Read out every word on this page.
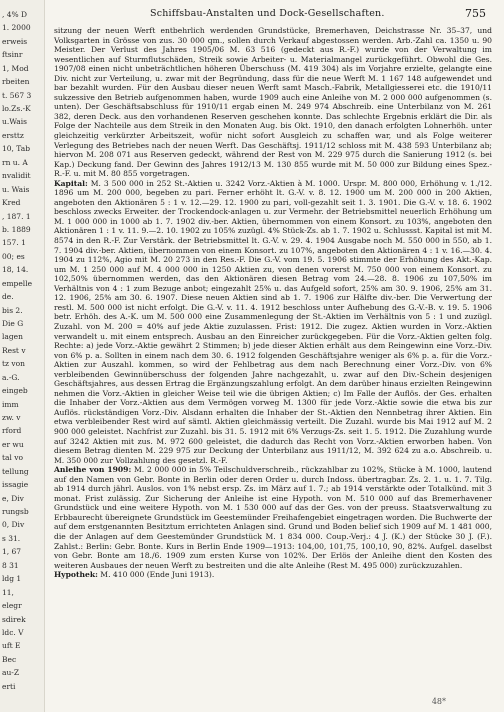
, 4% D
1. 2000
erweis
ftsinr
1, Mod
rbeiten
t. 567 3
lo.Zs.-K
u.Wais
ersttz
10, Tab
rn u. A
nvalidit
u. Wais
Kred
, 187. 1
b. 1889
157. 1
00; es
18, 14.
empelle
de.
bis 2.
Die G
lagen
Rest v
tz von
a.-G.
eingeb
imm
zw. v
rford
er wu
tal vo
tellung
issagie
e, Div
rungsb
0, Div
s 31.
1, 67
8 31
ldg 1
11,
elegr
sdirek
ldc. V
uft E
Bec
au-Z
erti
Schiffsbau-Anstalten und Dock-Gesellschaften.	755

sitzung der neuen Werft entbehrlich werdenden Grundstücke, Bremerhaven, Deichstrasse Nr. 35–37, und Volksgarten in Grösse von zus. 30 000 qm., sollen durch Verkauf abgestossen werden. Arb.-Zahl ca. 1350 u. 90 Meister. Der Verlust des Jahres 1905/06 M. 63 516 (gedeckt aus R.-F.) wurde von der Verwaltung im wesentlichen auf Sturmflutschäden, Streik sowie Arbeiter- u. Materialmangel zurückgeführt. Obwohl die Ges. 1907/08 einen nicht unbeträchtlichen höheren Überschuss (M. 419 304) als im Vorjahre erzielte, gelangte eine Div. nicht zur Verteilung, u. zwar mit der Begründung, dass für die neue Werft M. 1 167 148 aufgewendet und bar bezahlt wurden. Für den Ausbau dieser neuen Werft samt Masch.-Fabrik, Metallgiesserei etc. die 1910/11 sukzessive den Betrieb aufgenommen haben, wurde 1909 auch eine Anleihe von M. 2 000 000 aufgenommen (s. unten). Der Geschäftsabschluss für 1910/11 ergab einen M. 249 974 Abschreib. eine Unterbilanz von M. 261 382, deren Deck. aus den vorhandenen Reserven geschehen konnte. Das schlechte Ergebnis erklärt die Dir. als Folge der Nachteile aus dem Streik in den Monaten Aug. bis Okt. 1910, den danach erfolgten Lohnerhöh. unter gleichzeitig verkürzter Arbeitszeit, wofür nicht sofort Ausgleich zu schaffen war, und als Folge weiterer Verlegung des Betriebes nach der neuen Werft. Das Geschäftsj. 1911/12 schloss mit M. 438 593 Unterbilanz ab; hiervon M. 208 071 aus Reserven gedeckt, während der Rest von M. 229 975 durch die Sanierung 1912 (s. bei Kap.) Deckung fand. Der Gewinn des Jahres 1912/13 M. 130 855 wurde mit M. 50 000 zur Bildung eines Spez.-R.-F. u. mit M. 80 855 vorgetragen.

Kapital: M. 3 500 000 in 252 St.-Aktien u. 3242 Vorz.-Aktien à M. 1000. Urspr. M. 800 000, Erhöhung v. 1./12. 1896 um M. 200 000, begeben zu pari. Ferner erhöht lt. G.-V. v. 8. 12. 1900 um M. 200 000 in 200 Aktien, angeboten den Aktionären 5 : 1 v. 12.—29. 12. 1900 zu pari, voll-gezahlt seit 1. 3. 1901. Die G.-V. v. 18. 6. 1902 beschloss zwecks Erweiter. der Trockendock-anlagen u. zur Vermehr. der Betriebsmittel neuerlich Erhöhung um M. 1 000 000 in 1000 ab 1. 7. 1902 div.-ber. Aktien, übernommen von einem Konsort. zu 103%, angeboten den Aktionären 1 : 1 v. 11. 9.—2. 10. 1902 zu 105% zuzügl. 4% Stück-Zs. ab 1. 7. 1902 u. Schlussst. Kapital ist mit M. 8574 in den R.-F. Zur Verstärk. der Betriebsmittel lt. G.-V. v. 29. 4. 1904 Ausgabe noch M. 550 000 in 550, ab 1. 7. 1904 div.-ber. Aktien, übernommen von einem Konsort. zu 107%, angeboten den Aktionären 4 : 1 v. 16.—30. 4. 1904 zu 112%, Agio mit M. 20 273 in den Res.-F. Die G.-V. vom 19. 5. 1906 stimmte der Erhöhung des Akt.-Kap. um M. 1 250 000 auf M. 4 000 000 in 1250 Aktien zu, von denen vorerst M. 750 000 von einem Konsort. zu 102,50% übernommen werden, das den Aktionären diesen Betrag vom 24.—28. 8. 1906 zu 107,50% im Verhältnis von 4 : 1 zum Bezuge anbot; eingezahlt 25% u. das Aufgeld sofort, 25% am 30. 9. 1906, 25% am 31. 12. 1906, 25% am 30. 6. 1907. Diese neuen Aktien sind ab 1. 7. 1906 zur Hälfte div.-ber. Die Verwertung der restl. M. 500 000 ist nicht erfolgt. Die G.-V. v. 11. 4. 1912 beschloss unter Aufhebung des G.-V.-B. v. 19. 5. 1906 betr. Erhöh. des A.-K. um M. 500 000 eine Zusammenlegung der St.-Aktien im Verhältnis von 5 : 1 und zuzügl. Zuzahl. von M. 200 = 40% auf jede Aktie zuzulassen. Frist: 1912. Die zugez. Aktien wurden in Vorz.-Aktien verwandelt u. mit einem entsprech. Ausbau an den Einreicher zurückgegeben. Für die Vorz.-Aktien gelten folg. Rechte: a) jede Vorz.-Aktie gewährt 2 Stimmen; b) jede dieser Aktien erhält aus dem Reingewinn eine Vorz.-Div. von 6% p. a. Sollten in einem nach dem 30. 6. 1912 folgenden Geschäftsjahre weniger als 6% p. a. für die Vorz.-Aktien zur Auszahl. kommen, so wird der Fehlbetrag aus dem nach Berechnung einer Vorz.-Div. von 6% verbleibenden Gewinnüberschuss der folgenden Jahre nachgezahlt, u. zwar auf den Div.-Schein desjenigen Geschäftsjahres, aus dessen Ertrag die Ergänzungszahlung erfolgt. An dem darüber hinaus erzielten Reingewinn nehmen die Vorz.-Aktien in gleicher Weise teil wie die übrigen Aktien; c) Im Falle der Auflös. der Ges. erhalten die Inhaber der Vorz.-Aktien aus dem Vermögen vorweg M. 1300 für jede Vorz.-Aktie sowie die etwa bis zur Auflös. rückständigen Vorz.-Div. Alsdann erhalten die Inhaber der St.-Aktien den Nennbetrag ihrer Aktien. Ein etwa verbleibender Rest wird auf sämtl. Aktien gleichmässig verteilt. Die Zuzahl. wurde bis Mai 1912 auf M. 2 900 000 geleistet. Nachfrist zur Zuzahl. bis 31. 5. 1912 mit 6% Verzugs-Zs. seit 1. 5. 1912. Die Zuzahlung wurde auf 3242 Aktien mit zus. M. 972 600 geleistet, die dadurch das Recht von Vorz.-Aktien erworben haben. Von diesem Betrag dienten M. 229 975 zur Deckung der Unterbilanz aus 1911/12, M. 392 624 zu a.o. Abschreib. u. M. 350 000 zur Vollzahlung des gesetzl. R.-F.

Anleihe von 1909: M. 2 000 000 in 5% Teilschuldverschreib., rückzahlbar zu 102%, Stücke à M. 1000, lautend auf den Namen von Gebr. Bonte in Berlin oder deren Order u. durch Indoss. übertragbar. Zs. 2. 1. u. 1. 7. Tilg. ab 1914 durch jährl. Auslos. von 1% nebst ersp. Zs. im März auf 1. 7.; ab 1914 verstärkte oder Totalkünd. mit 3 monat. Frist zulässig. Zur Sicherung der Anleihe ist eine Hypoth. von M. 510 000 auf das Bremerhavener Grundstück und eine weitere Hypoth. von M. 1 530 000 auf das der Ges. von der preuss. Staatsverwaltung zu Erbbaurecht übereignete Grundstück im Geestemünder Freihafengebiet eingetragen worden. Die Buchwerte der auf dem erstgenannten Besitztum errichteten Anlagen sind. Grund und Boden belief sich 1909 auf M. 1 481 000, die der Anlagen auf dem Geestemünder Grundstück M. 1 834 000. Coup.-Verj.: 4 J. (K.) der Stücke 30 J. (F.). Zahlst.: Berlin: Gebr. Bonte. Kurs in Berlin Ende 1909—1913: 104,00, 101,75, 100,10, 90, 82%. Aufgel. daselbst von Gebr. Bonte am 18./6. 1909 zum ersten Kurse von 102%. Der Erlös der Anleihe dient den Kosten des weiteren Ausbaues der neuen Werft zu bestreiten und die alte Anleihe (Rest M. 495 000) zurückzuzahlen.

Hypothek: M. 410 000 (Ende Juni 1913).

48*
